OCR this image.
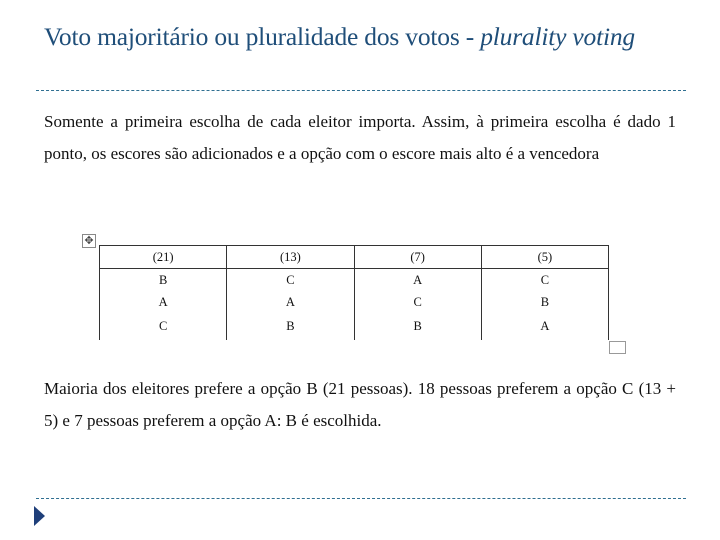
Voto majoritário ou pluralidade dos votos - plurality voting
Somente a primeira escolha de cada eleitor importa. Assim, à primeira escolha é dado 1 ponto, os escores são adicionados e a opção com o escore mais alto é a vencedora
✥
(21)	(13)	(7)	(5)
B	C	A	C
A	A	C	B
C	B	B	A
Maioria dos eleitores prefere a opção B (21 pessoas). 18 pessoas preferem a opção C (13 + 5) e 7 pessoas preferem a opção A: B é escolhida.
